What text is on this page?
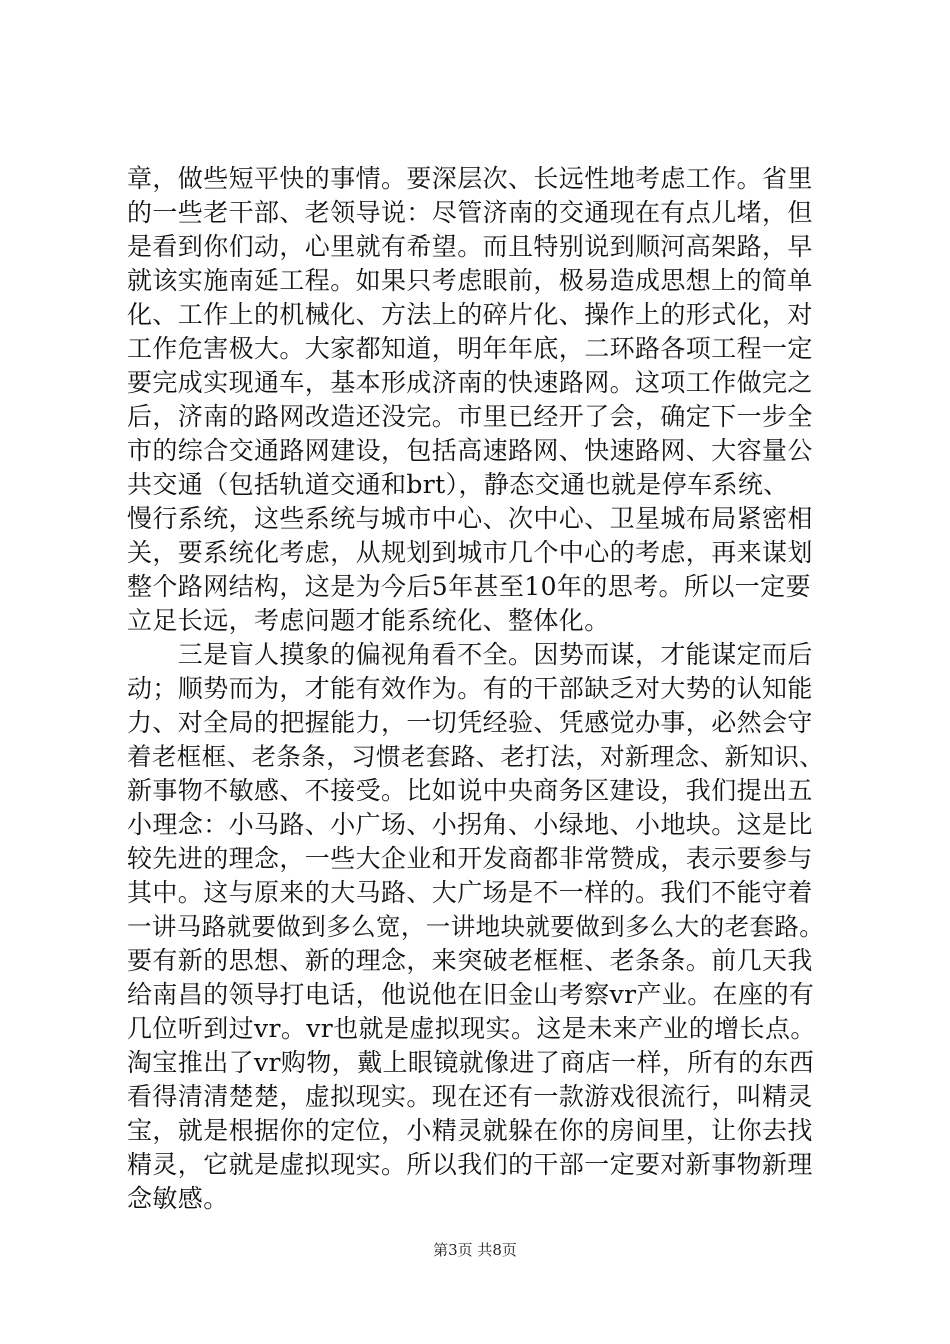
章，做些短平快的事情。要深层次、长远性地考虑工作。省里
的一些老干部、老领导说：尽管济南的交通现在有点儿堵，但
是看到你们动，心里就有希望。而且特别说到顺河高架路，早
就该实施南延工程。如果只考虑眼前，极易造成思想上的简单
化、工作上的机械化、方法上的碎片化、操作上的形式化，对
工作危害极大。大家都知道，明年年底，二环路各项工程一定
要完成实现通车，基本形成济南的快速路网。这项工作做完之
后，济南的路网改造还没完。市里已经开了会，确定下一步全
市的综合交通路网建设，包括高速路网、快速路网、大容量公
共交通（包括轨道交通和brt），静态交通也就是停车系统、
慢行系统，这些系统与城市中心、次中心、卫星城布局紧密相
关，要系统化考虑，从规划到城市几个中心的考虑，再来谋划
整个路网结构，这是为今后5年甚至10年的思考。所以一定要
立足长远，考虑问题才能系统化、整体化。
　　三是盲人摸象的偏视角看不全。因势而谋，才能谋定而后
动；顺势而为，才能有效作为。有的干部缺乏对大势的认知能
力、对全局的把握能力，一切凭经验、凭感觉办事，必然会守
着老框框、老条条，习惯老套路、老打法，对新理念、新知识、
新事物不敏感、不接受。比如说中央商务区建设，我们提出五
小理念：小马路、小广场、小拐角、小绿地、小地块。这是比
较先进的理念，一些大企业和开发商都非常赞成，表示要参与
其中。这与原来的大马路、大广场是不一样的。我们不能守着
一讲马路就要做到多么宽，一讲地块就要做到多么大的老套路。
要有新的思想、新的理念，来突破老框框、老条条。前几天我
给南昌的领导打电话，他说他在旧金山考察vr产业。在座的有
几位听到过vr。vr也就是虚拟现实。这是未来产业的增长点。
淘宝推出了vr购物，戴上眼镜就像进了商店一样，所有的东西
看得清清楚楚，虚拟现实。现在还有一款游戏很流行，叫精灵
宝，就是根据你的定位，小精灵就躲在你的房间里，让你去找
精灵，它就是虚拟现实。所以我们的干部一定要对新事物新理
念敏感。
第3页 共8页
